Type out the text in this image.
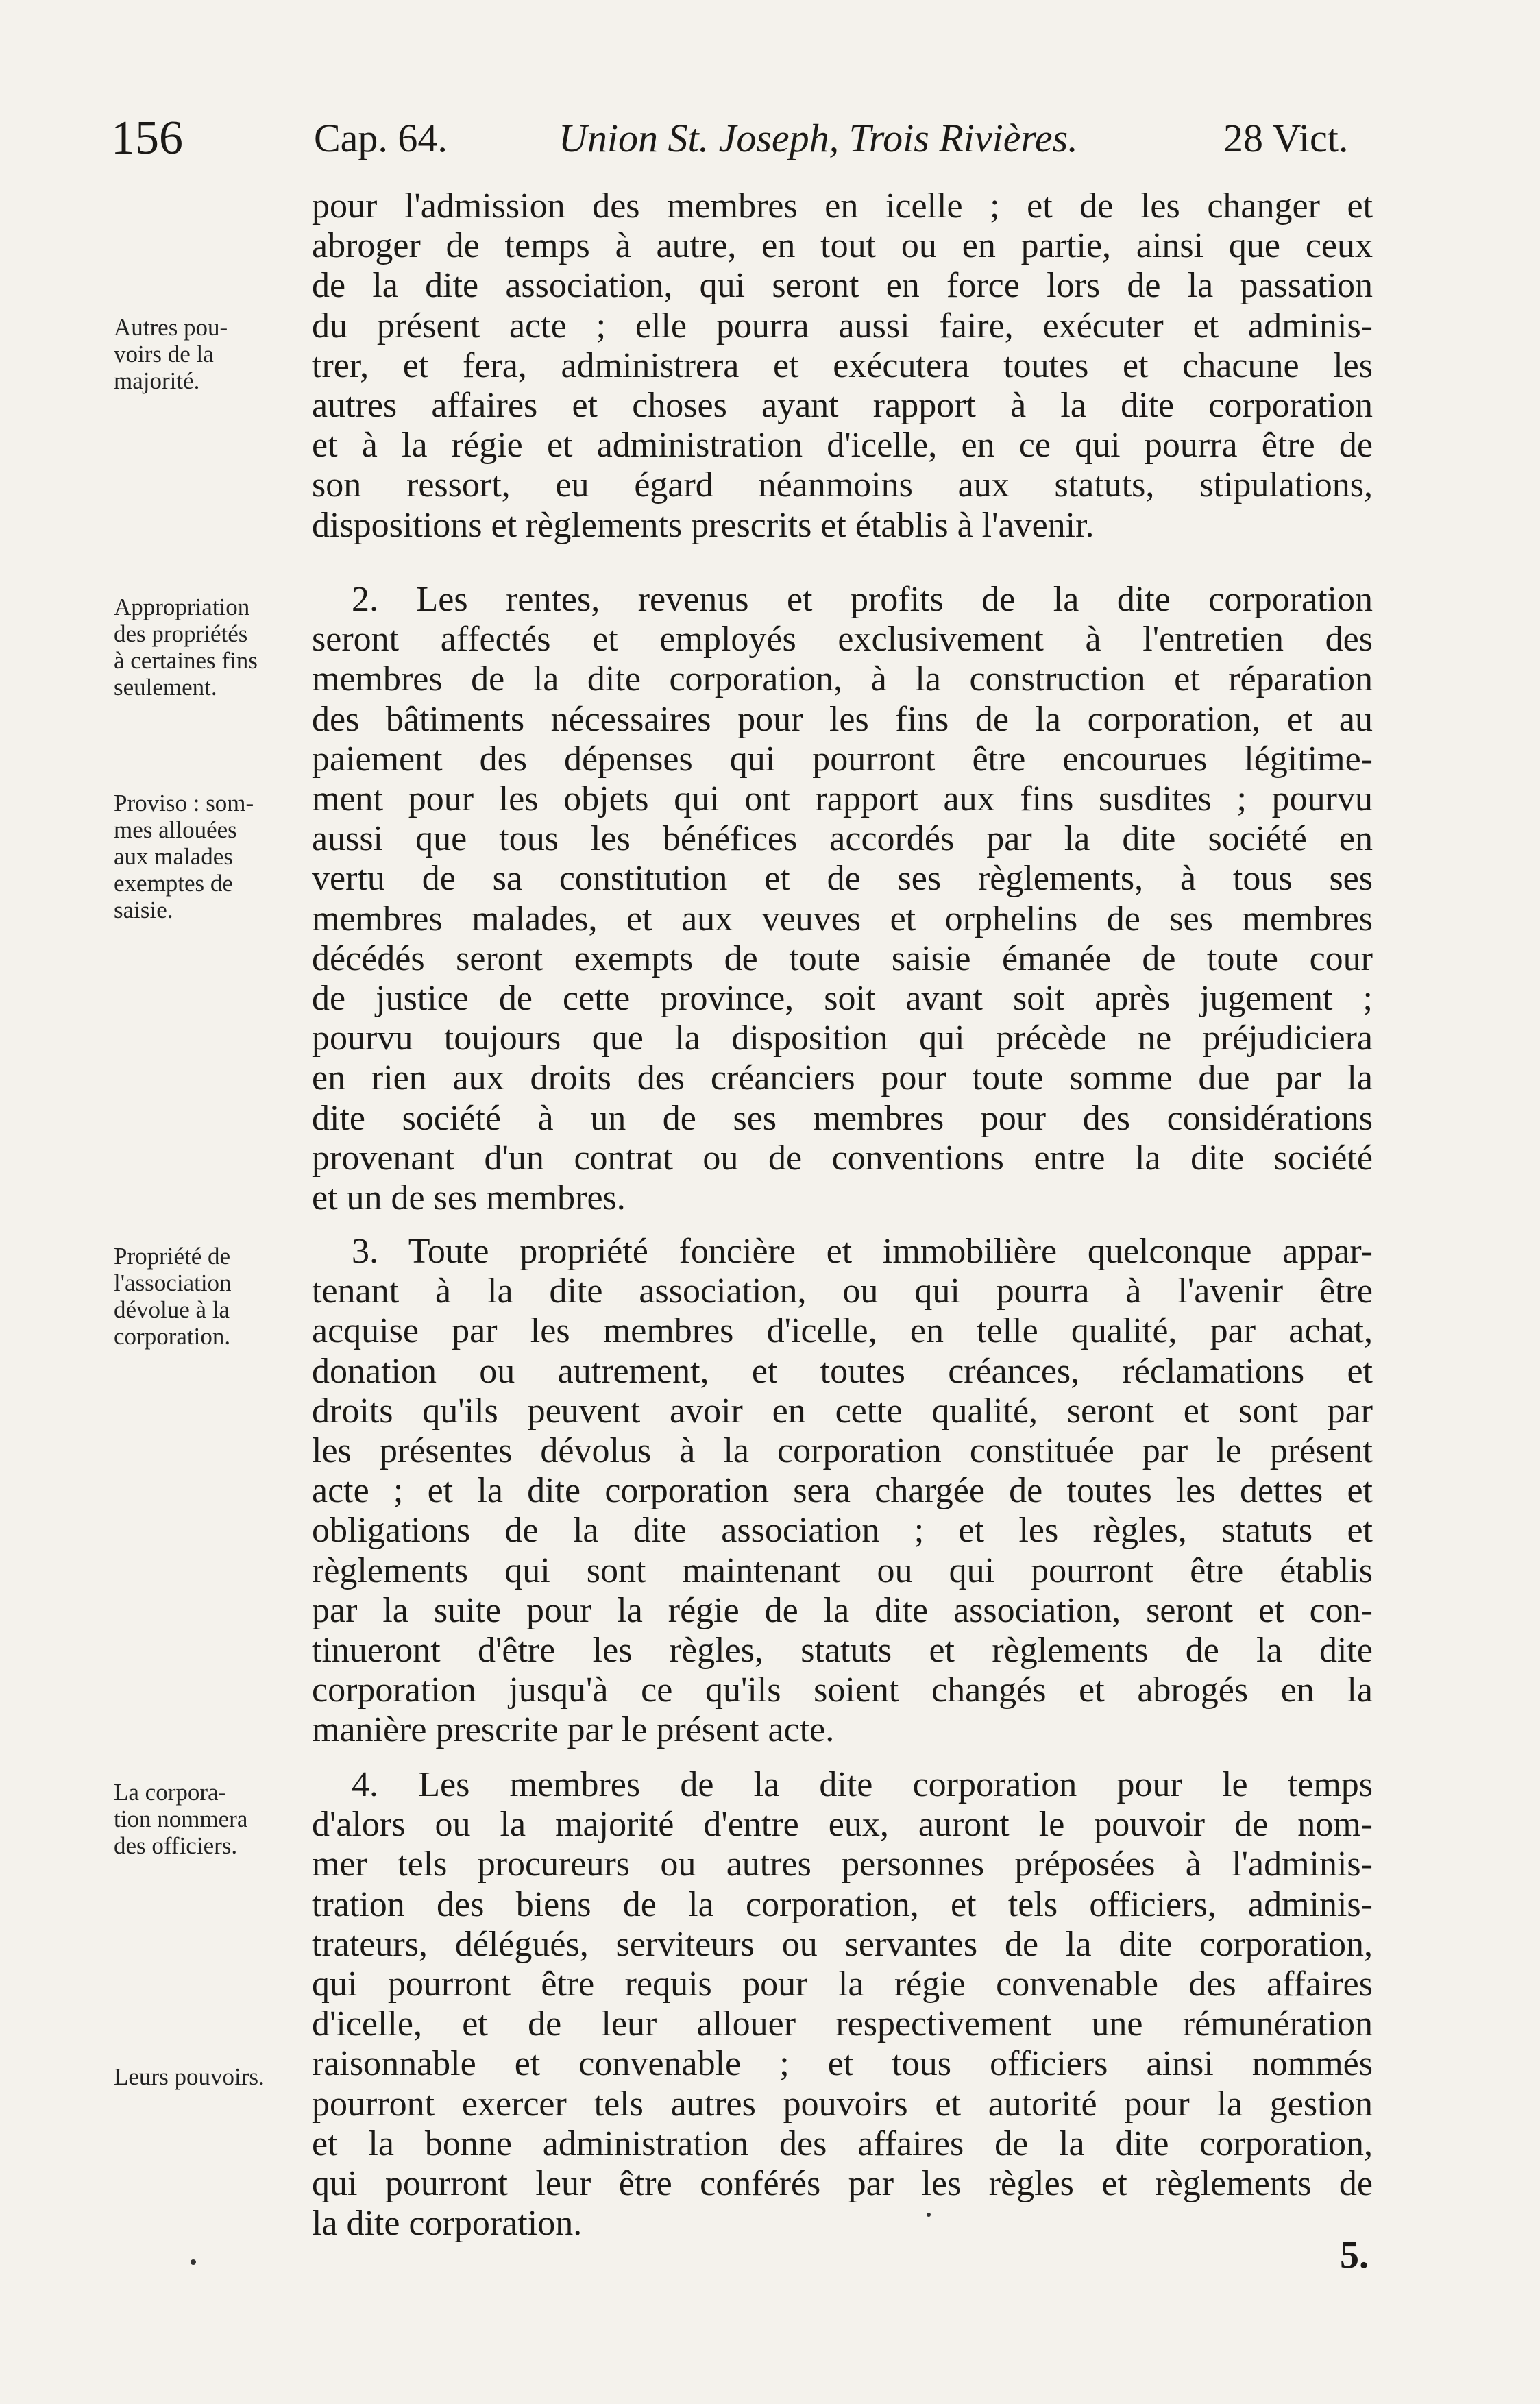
156	Cap. 64.	Union St. Joseph, Trois Rivières.	28 Vict.
Autres pou-
voirs de la
majorité.
Appropriation
des propriétés
à certaines fins
seulement.
Proviso : som-
mes allouées
aux malades
exemptes de
saisie.
Propriété de
l'association
dévolue à la
corporation.
La corpora-
tion nommera
des officiers.
Leurs pouvoirs.
pour l'admission des membres en icelle ; et de les changer et
abroger de temps à autre, en tout ou en partie, ainsi que ceux
de la dite association, qui seront en force lors de la passation
du présent acte ; elle pourra aussi faire, exécuter et adminis-
trer, et fera, administrera et exécutera toutes et chacune les
autres affaires et choses ayant rapport à la dite corporation
et à la régie et administration d'icelle, en ce qui pourra être de
son ressort, eu égard néanmoins aux statuts, stipulations,
dispositions et règlements prescrits et établis à l'avenir.
2. Les rentes, revenus et profits de la dite corporation
seront affectés et employés exclusivement à l'entretien des
membres de la dite corporation, à la construction et réparation
des bâtiments nécessaires pour les fins de la corporation, et au
paiement des dépenses qui pourront être encourues légitime-
ment pour les objets qui ont rapport aux fins susdites ; pourvu
aussi que tous les bénéfices accordés par la dite société en
vertu de sa constitution et de ses règlements, à tous ses
membres malades, et aux veuves et orphelins de ses membres
décédés seront exempts de toute saisie émanée de toute cour
de justice de cette province, soit avant soit après jugement ;
pourvu toujours que la disposition qui précède ne préjudiciera
en rien aux droits des créanciers pour toute somme due par la
dite société à un de ses membres pour des considérations
provenant d'un contrat ou de conventions entre la dite société
et un de ses membres.
3. Toute propriété foncière et immobilière quelconque appar-
tenant à la dite association, ou qui pourra à l'avenir être
acquise par les membres d'icelle, en telle qualité, par achat,
donation ou autrement, et toutes créances, réclamations et
droits qu'ils peuvent avoir en cette qualité, seront et sont par
les présentes dévolus à la corporation constituée par le présent
acte ; et la dite corporation sera chargée de toutes les dettes et
obligations de la dite association ; et les règles, statuts et
règlements qui sont maintenant ou qui pourront être établis
par la suite pour la régie de la dite association, seront et con-
tinueront d'être les règles, statuts et règlements de la dite
corporation jusqu'à ce qu'ils soient changés et abrogés en la
manière prescrite par le présent acte.
4. Les membres de la dite corporation pour le temps
d'alors ou la majorité d'entre eux, auront le pouvoir de nom-
mer tels procureurs ou autres personnes préposées à l'adminis-
tration des biens de la corporation, et tels officiers, adminis-
trateurs, délégués, serviteurs ou servantes de la dite corporation,
qui pourront être requis pour la régie convenable des affaires
d'icelle, et de leur allouer respectivement une rémunération
raisonnable et convenable ; et tous officiers ainsi nommés
pourront exercer tels autres pouvoirs et autorité pour la gestion
et la bonne administration des affaires de la dite corporation,
qui pourront leur être conférés par les règles et règlements de
la dite corporation.
5.
